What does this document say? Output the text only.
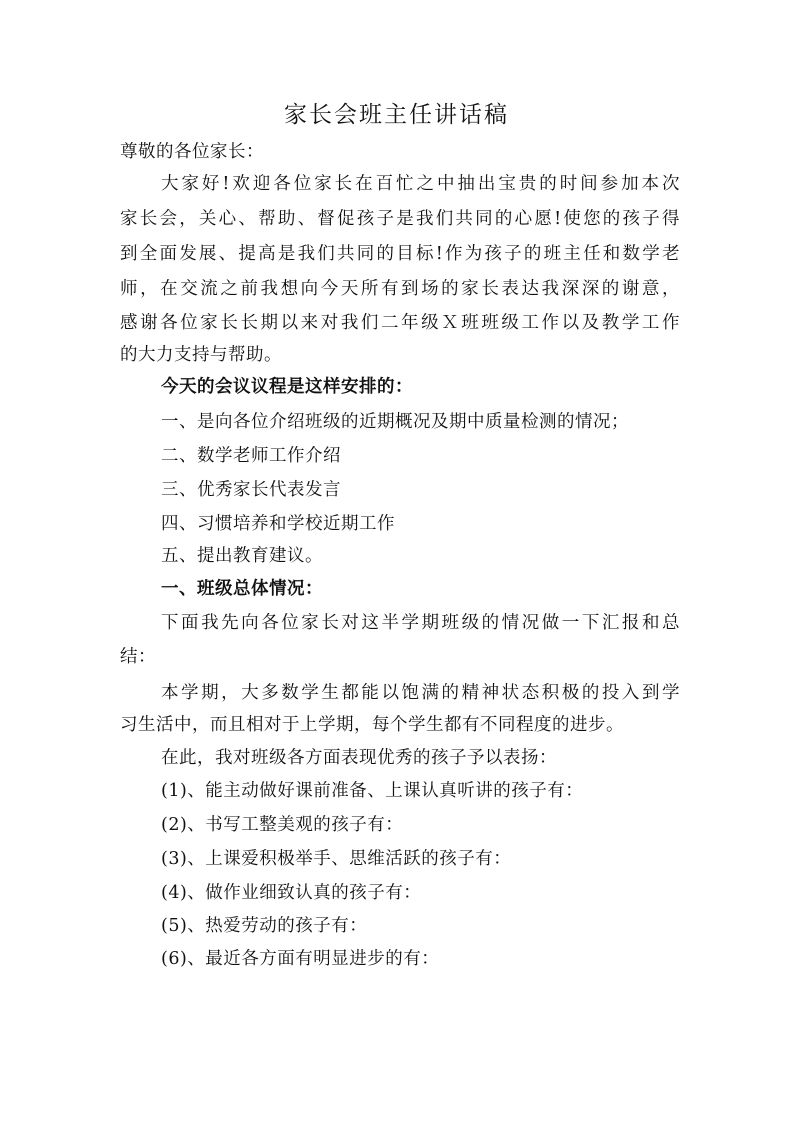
家长会班主任讲话稿
尊敬的各位家长：
大家好!欢迎各位家长在百忙之中抽出宝贵的时间参加本次
家长会，关心、帮助、督促孩子是我们共同的心愿!使您的孩子得
到全面发展、提高是我们共同的目标!作为孩子的班主任和数学老
师，在交流之前我想向今天所有到场的家长表达我深深的谢意，
感谢各位家长长期以来对我们二年级Ｘ班班级工作以及教学工作
的大力支持与帮助。
今天的会议议程是这样安排的：
一、是向各位介绍班级的近期概况及期中质量检测的情况；
二、数学老师工作介绍
三、优秀家长代表发言
四、习惯培养和学校近期工作
五、提出教育建议。
一、班级总体情况：
下面我先向各位家长对这半学期班级的情况做一下汇报和总
结：
本学期，大多数学生都能以饱满的精神状态积极的投入到学
习生活中，而且相对于上学期，每个学生都有不同程度的进步。
在此，我对班级各方面表现优秀的孩子予以表扬：
(1)、能主动做好课前准备、上课认真听讲的孩子有：
(2)、书写工整美观的孩子有：
(3)、上课爱积极举手、思维活跃的孩子有：
(4)、做作业细致认真的孩子有：
(5)、热爱劳动的孩子有：
(6)、最近各方面有明显进步的有：
